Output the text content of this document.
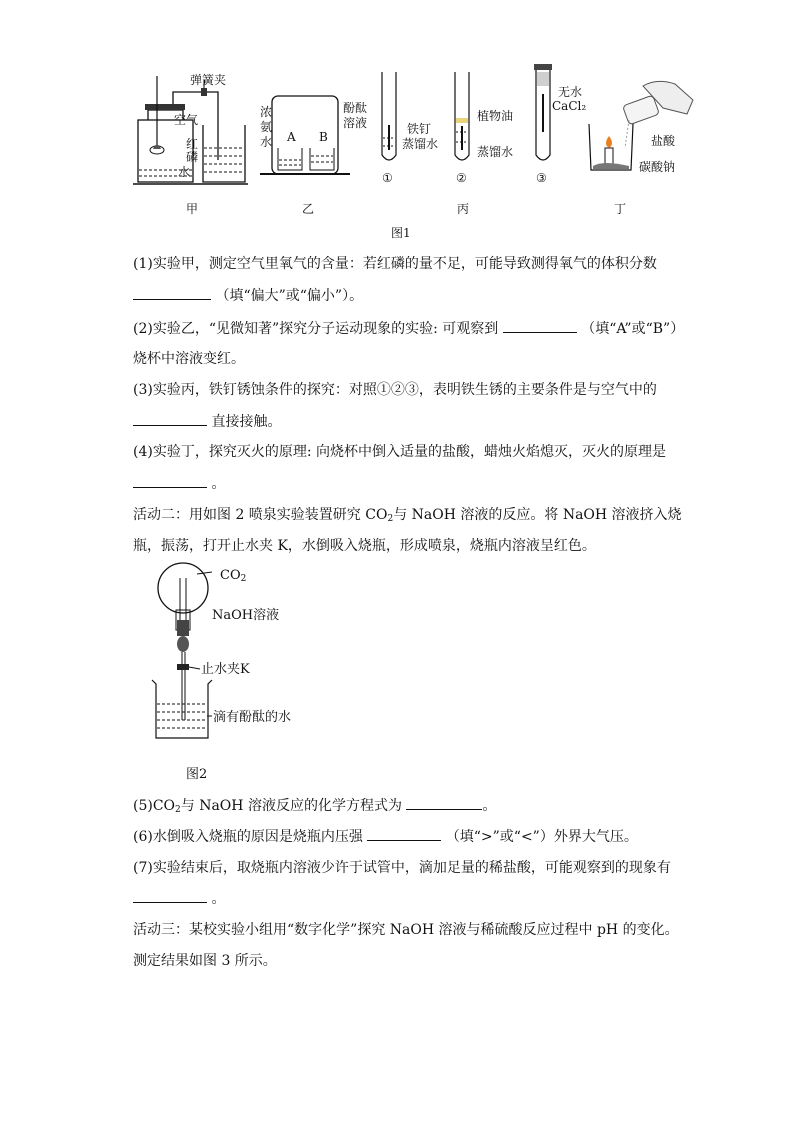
弹簧夹
空气
红
磷
水
甲
浓
氨
水 A B
酚酞
溶液
乙
铁钉
蒸馏水
植物油
蒸馏水
①	②	③
无水
CaCl₂
丙
盐酸
碳酸钠
丁
图1
(1)实验甲，测定空气里氧气的含量：若红磷的量不足，可能导致测得氧气的体积分数
（填“偏大”或“偏小”）。
(2)实验乙，“见微知著”探究分子运动现象的实验: 可观察到	（填“A”或“B”）
烧杯中溶液变红。
(3)实验丙，铁钉锈蚀条件的探究：对照①②③，表明铁生锈的主要条件是与空气中的
直接接触。
(4)实验丁，探究灭火的原理: 向烧杯中倒入适量的盐酸，蜡烛火焰熄灭，灭火的原理是
。
活动二：用如图 2 喷泉实验装置研究 $CO_2$与 NaOH 溶液的反应。将 NaOH 溶液挤入烧
瓶，振荡，打开止水夹 K，水倒吸入烧瓶，形成喷泉，烧瓶内溶液呈红色。
$CO_2$
NaOH溶液
止水夹K
滴有酚酞的水
图2
$(5)CO_2$与 NaOH 溶液反应的化学方程式为	。
(6)水倒吸入烧瓶的原因是烧瓶内压强	（填“>”或“<”）外界大气压。
(7)实验结束后，取烧瓶内溶液少许于试管中，滴加足量的稀盐酸，可能观察到的现象有
。
活动三：某校实验小组用“数字化学”探究 NaOH 溶液与稀硫酸反应过程中 pH 的变化。
测定结果如图 3 所示。
